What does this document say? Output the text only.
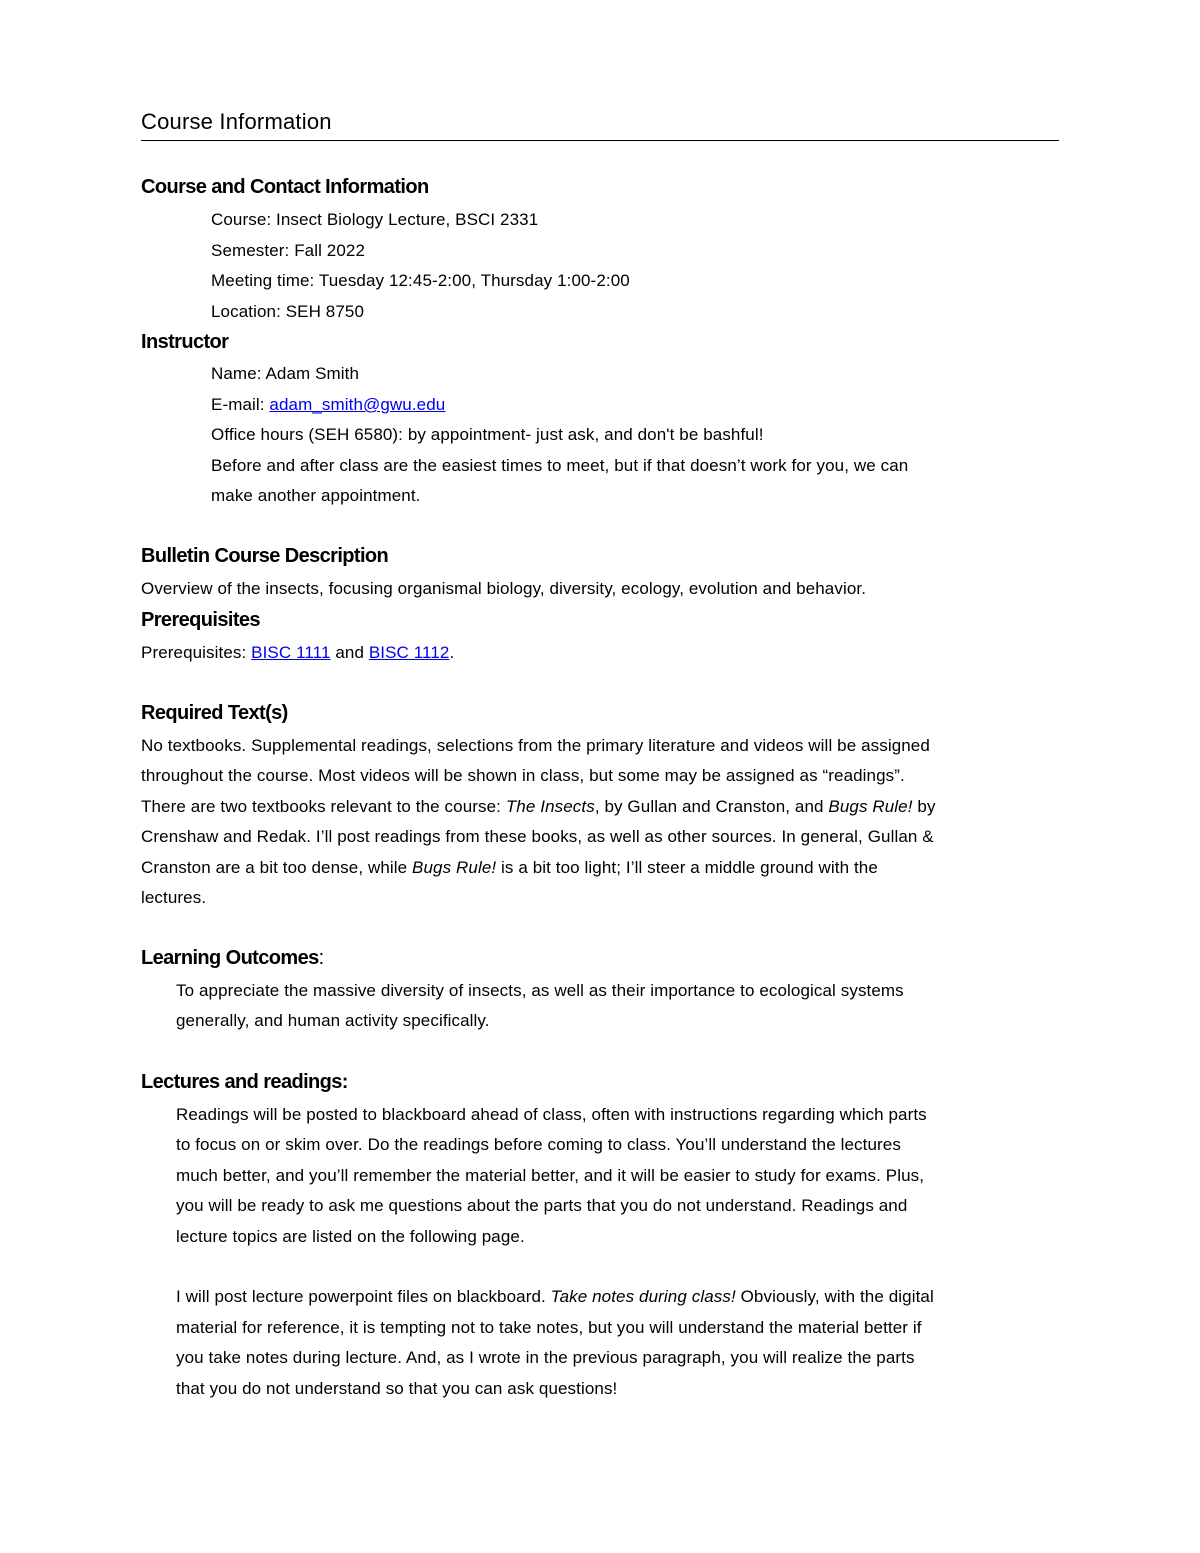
Course Information
Course and Contact Information
Course: Insect Biology Lecture, BSCI 2331
Semester: Fall 2022
Meeting time: Tuesday 12:45-2:00, Thursday 1:00-2:00
Location: SEH 8750
Instructor
Name: Adam Smith
E-mail: adam_smith@gwu.edu
Office hours (SEH 6580): by appointment- just ask, and don't be bashful!
Before and after class are the easiest times to meet, but if that doesn’t work for you, we can
make another appointment.
Bulletin Course Description
Overview of the insects, focusing organismal biology, diversity, ecology, evolution and behavior.
Prerequisites
Prerequisites: BISC 1111 and BISC 1112.
Required Text(s)
No textbooks. Supplemental readings, selections from the primary literature and videos will be assigned
throughout the course. Most videos will be shown in class, but some may be assigned as “readings”.
There are two textbooks relevant to the course: The Insects, by Gullan and Cranston, and Bugs Rule! by
Crenshaw and Redak. I’ll post readings from these books, as well as other sources. In general, Gullan &
Cranston are a bit too dense, while Bugs Rule! is a bit too light; I’ll steer a middle ground with the
lectures.
Learning Outcomes:
To appreciate the massive diversity of insects, as well as their importance to ecological systems
generally, and human activity specifically.
Lectures and readings:
Readings will be posted to blackboard ahead of class, often with instructions regarding which parts
to focus on or skim over. Do the readings before coming to class. You’ll understand the lectures
much better, and you’ll remember the material better, and it will be easier to study for exams. Plus,
you will be ready to ask me questions about the parts that you do not understand. Readings and
lecture topics are listed on the following page.
I will post lecture powerpoint files on blackboard. Take notes during class! Obviously, with the digital
material for reference, it is tempting not to take notes, but you will understand the material better if
you take notes during lecture. And, as I wrote in the previous paragraph, you will realize the parts
that you do not understand so that you can ask questions!
